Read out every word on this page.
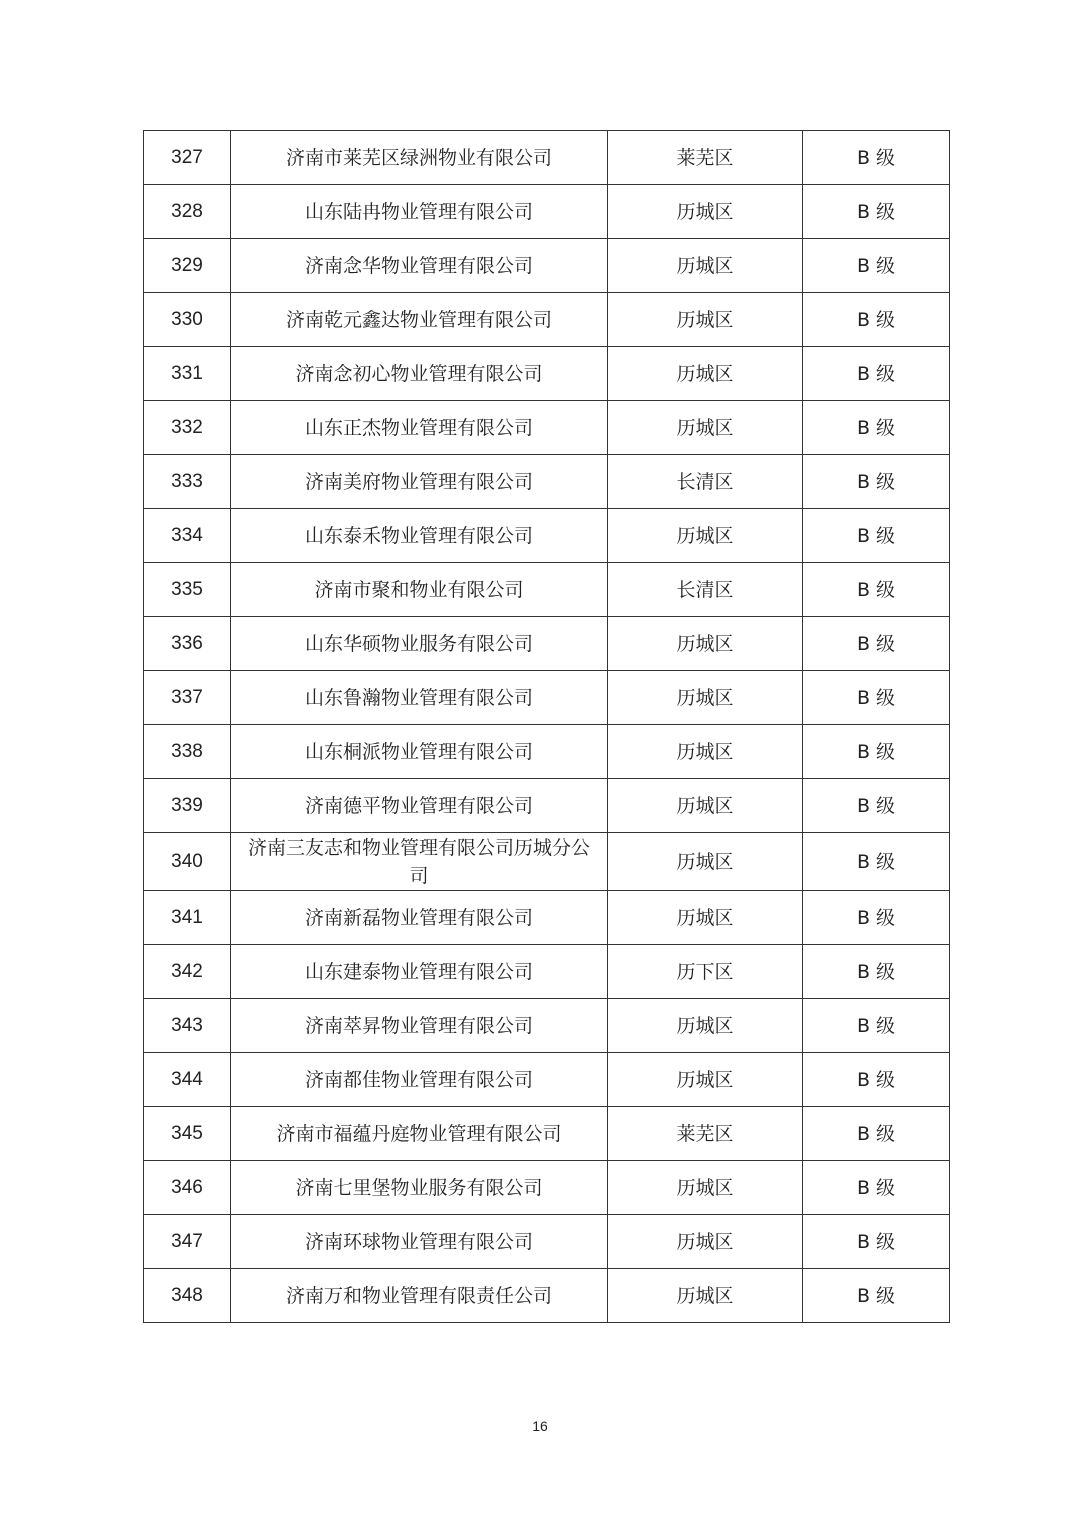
327	济南市莱芜区绿洲物业有限公司	莱芜区	B 级
328	山东陆冉物业管理有限公司	历城区	B 级
329	济南念华物业管理有限公司	历城区	B 级
330	济南乾元鑫达物业管理有限公司	历城区	B 级
331	济南念初心物业管理有限公司	历城区	B 级
332	山东正杰物业管理有限公司	历城区	B 级
333	济南美府物业管理有限公司	长清区	B 级
334	山东泰禾物业管理有限公司	历城区	B 级
335	济南市聚和物业有限公司	长清区	B 级
336	山东华硕物业服务有限公司	历城区	B 级
337	山东鲁瀚物业管理有限公司	历城区	B 级
338	山东桐派物业管理有限公司	历城区	B 级
339	济南德平物业管理有限公司	历城区	B 级
340	济南三友志和物业管理有限公司历城分公司	历城区	B 级
341	济南新磊物业管理有限公司	历城区	B 级
342	山东建泰物业管理有限公司	历下区	B 级
343	济南萃昇物业管理有限公司	历城区	B 级
344	济南都佳物业管理有限公司	历城区	B 级
345	济南市福蕴丹庭物业管理有限公司	莱芜区	B 级
346	济南七里堡物业服务有限公司	历城区	B 级
347	济南环球物业管理有限公司	历城区	B 级
348	济南万和物业管理有限责任公司	历城区	B 级
16
